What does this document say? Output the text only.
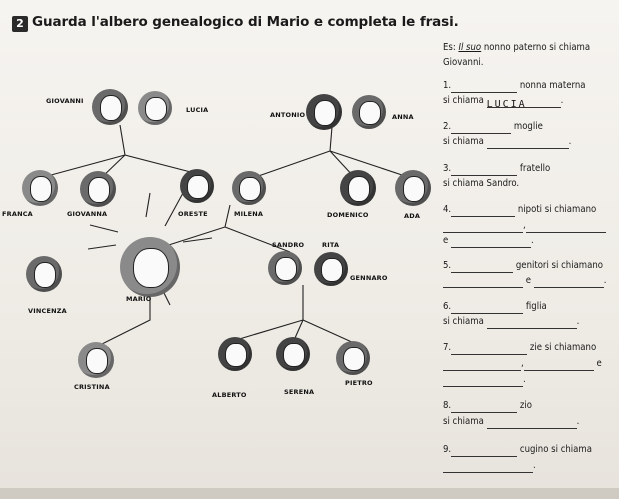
2 Guarda l'albero genealogico di Mario e completa le frasi.
GIOVANNI
LUCIA
ANTONIO	ANNA
FRANCA	GIOVANNA	ORESTE	MILENA	DOMENICO	ADA
SANDRO	RITA
GENNARO
MARIO
VINCENZA
CRISTINA
ALBERTO	SERENA
PIETRO
Es: Il suo nonno paterno si chiama
Giovanni.
1.	nonna materna
si chiama LUCIA	.
2.	moglie
si chiama	.
3.	fratello
si chiama Sandro.
4.	nipoti si chiamano
,
e	.
5.	genitori si chiamano
e	.
6.	figlia
si chiama	.
7.	zie si chiamano
,	e
.
8.	zio
si chiama	.
9.	cugino si chiama
.
